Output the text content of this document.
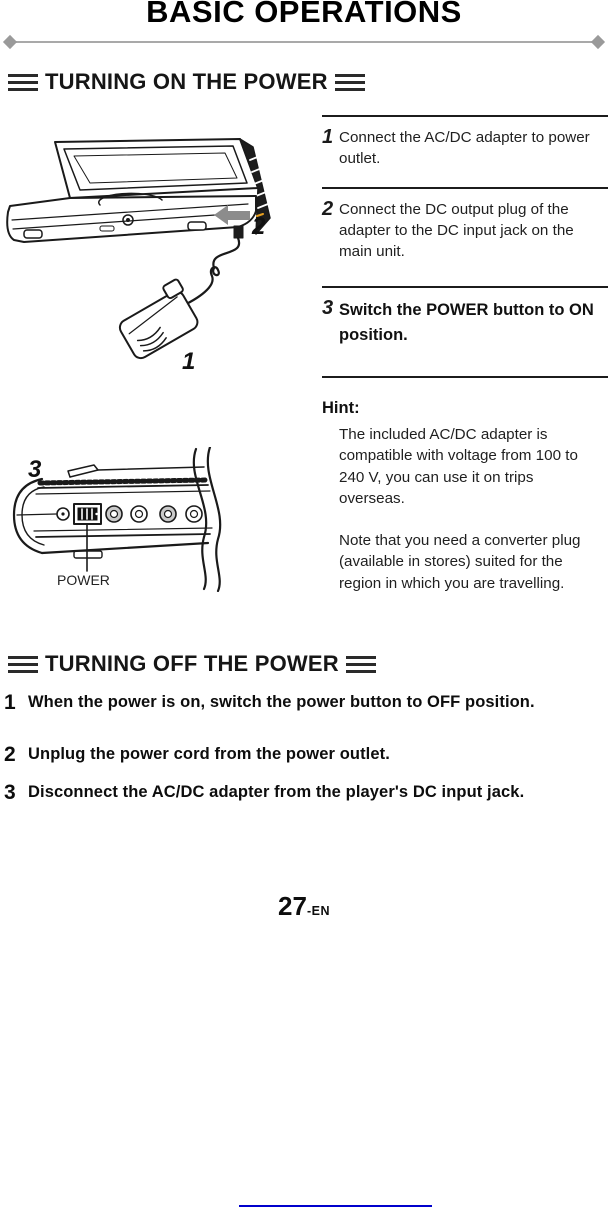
BASIC OPERATIONS
TURNING ON THE POWER
2
1
1 Connect the AC/DC adapter to power outlet.
2 Connect the DC output plug of the adapter to the DC input jack on the main unit.
3 Switch the POWER button to ON position.
Hint:
The included AC/DC adapter is compatible with voltage from 100 to 240 V, you can use it on trips overseas.
Note that you need a converter plug (available in stores) suited for the region in which you are travelling.
3
POWER
TURNING OFF THE POWER
1 When the power is on, switch the power button to OFF position.
2 Unplug the power cord from the power outlet.
3 Disconnect the AC/DC adapter from the player's DC input jack.
27 -EN
